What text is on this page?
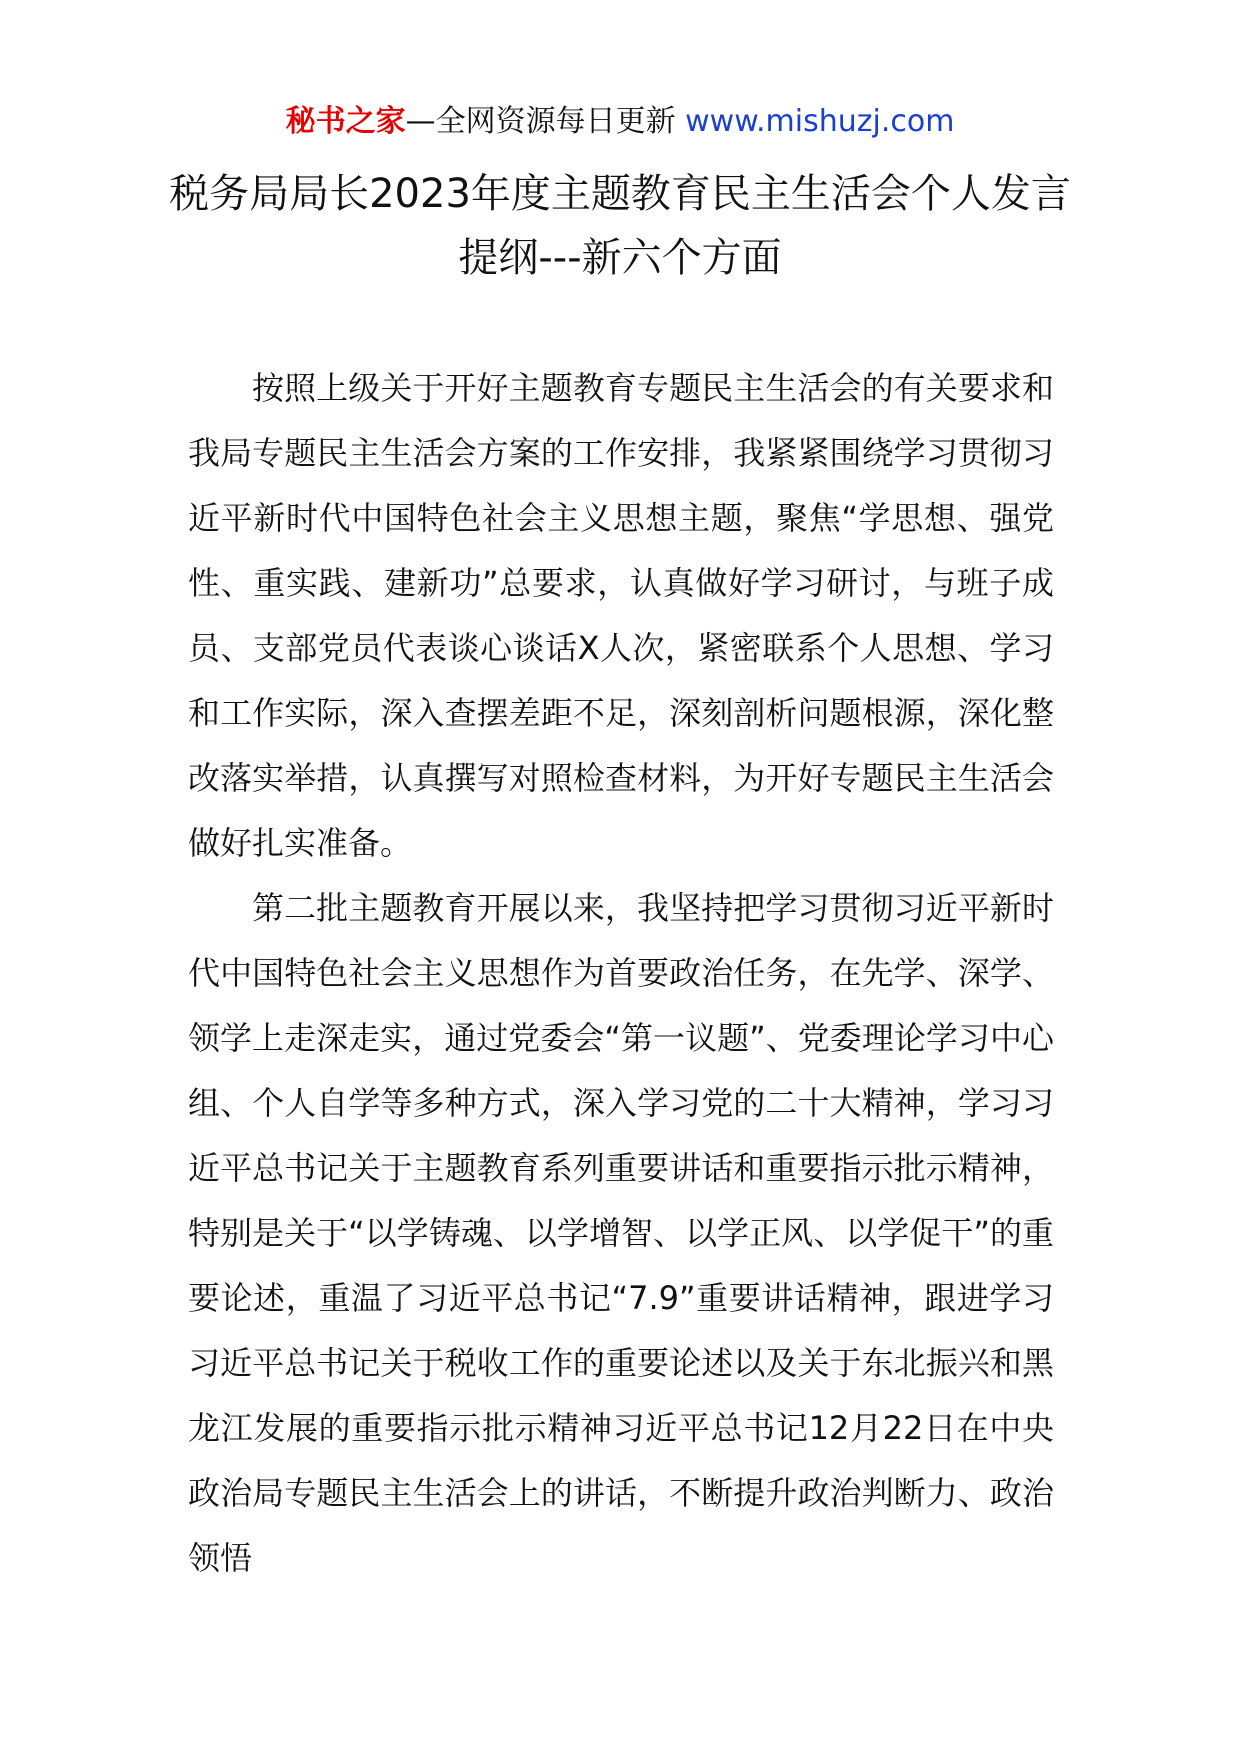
秘书之家—全网资源每日更新 www.mishuzj.com
税务局局长2023年度主题教育民主生活会个人发言提纲---新六个方面

按照上级关于开好主题教育专题民主生活会的有关要求和我局专题民主生活会方案的工作安排，我紧紧围绕学习贯彻习近平新时代中国特色社会主义思想主题，聚焦“学思想、强党性、重实践、建新功”总要求，认真做好学习研讨，与班子成员、支部党员代表谈心谈话X人次，紧密联系个人思想、学习和工作实际，深入查摆差距不足，深刻剖析问题根源，深化整改落实举措，认真撰写对照检查材料，为开好专题民主生活会做好扎实准备。

第二批主题教育开展以来，我坚持把学习贯彻习近平新时代中国特色社会主义思想作为首要政治任务，在先学、深学、领学上走深走实，通过党委会“第一议题”、党委理论学习中心组、个人自学等多种方式，深入学习党的二十大精神，学习习近平总书记关于主题教育系列重要讲话和重要指示批示精神，特别是关于“以学铸魂、以学增智、以学正风、以学促干”的重要论述，重温了习近平总书记“7.9”重要讲话精神，跟进学习习近平总书记关于税收工作的重要论述以及关于东北振兴和黑龙江发展的重要指示批示精神习近平总书记12月22日在中央政治局专题民主生活会上的讲话，不断提升政治判断力、政治领悟
